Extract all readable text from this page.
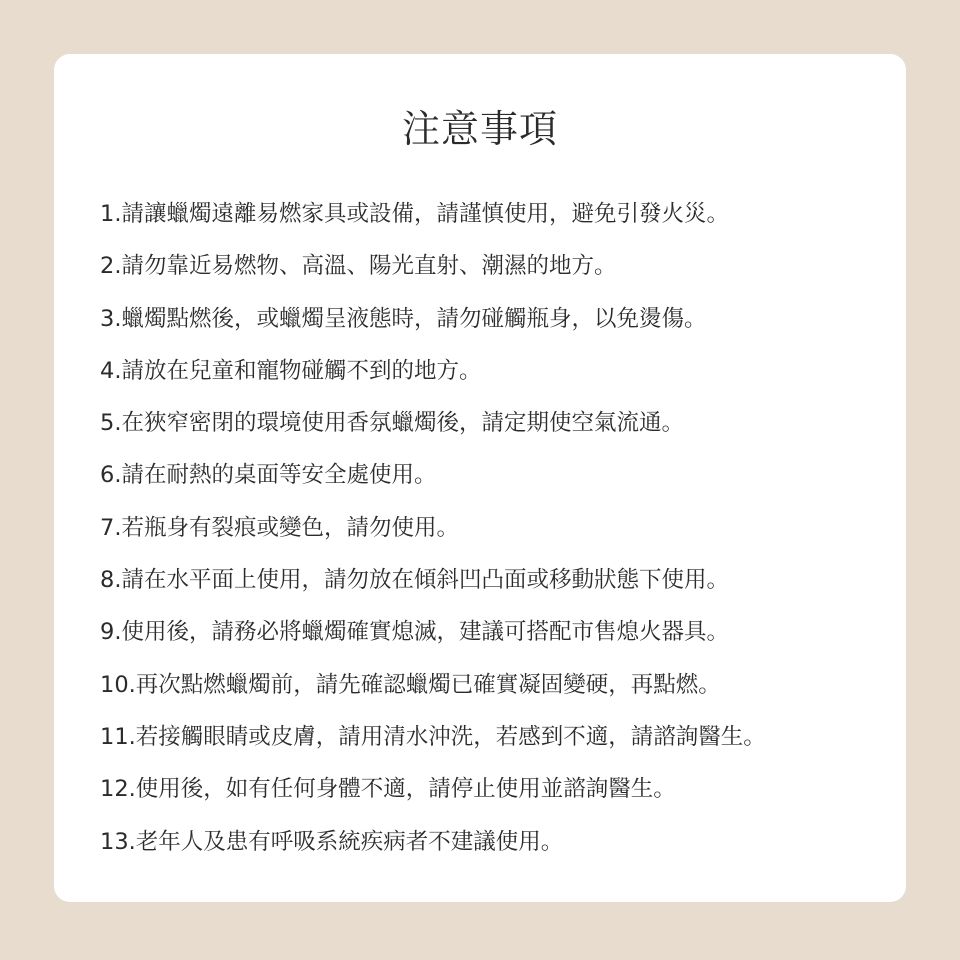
注意事項
1 . 請讓蠟燭遠離易燃家具或設備，請謹慎使用，避免引發火災。
2 . 請勿靠近易燃物、高溫、陽光直射、潮濕的地方。
3 . 蠟燭點燃後，或蠟燭呈液態時，請勿碰觸瓶身，以免燙傷。
4 . 請放在兒童和寵物碰觸不到的地方。
5 . 在狹窄密閉的環境使用香氛蠟燭後，請定期使空氣流通。
6 . 請在耐熱的桌面等安全處使用。
7 . 若瓶身有裂痕或變色，請勿使用。
8 . 請在水平面上使用，請勿放在傾斜凹凸面或移動狀態下使用。
9 . 使用後，請務必將蠟燭確實熄滅，建議可搭配市售熄火器具。
10 . 再次點燃蠟燭前，請先確認蠟燭已確實凝固變硬，再點燃。
11 . 若接觸眼睛或皮膚，請用清水沖洗，若感到不適，請諮詢醫生。
12 . 使用後，如有任何身體不適，請停止使用並諮詢醫生。
13 . 老年人及患有呼吸系統疾病者不建議使用。
